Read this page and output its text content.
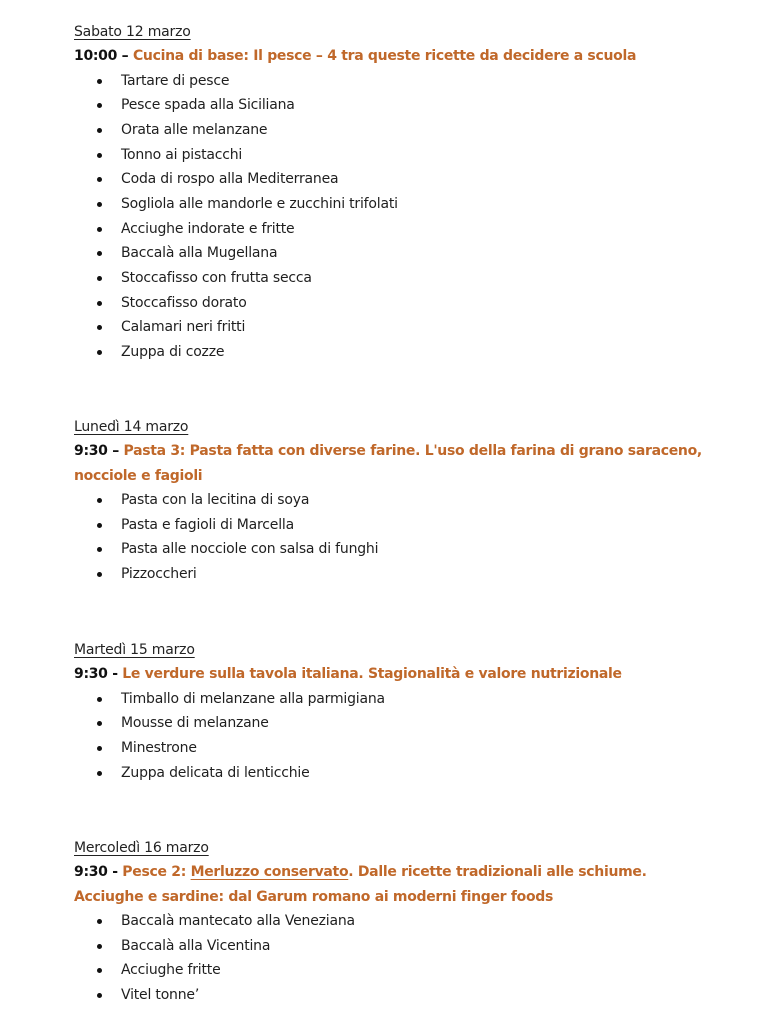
Sabato 12 marzo

10:00 – Cucina di base: Il pesce – 4 tra queste ricette da decidere a scuola

Tartare di pesce
Pesce spada alla Siciliana
Orata alle melanzane
Tonno ai pistacchi
Coda di rospo alla Mediterranea
Sogliola alle mandorle e zucchini trifolati
Acciughe indorate e fritte
Baccalà alla Mugellana
Stoccafisso con frutta secca
Stoccafisso dorato
Calamari neri fritti
Zuppa di cozze
Lunedì 14 marzo

9:30 – Pasta 3: Pasta fatta con diverse farine. L'uso della farina di grano saraceno, nocciole e fagioli

Pasta con la lecitina di soya
Pasta e fagioli di Marcella
Pasta alle nocciole con salsa di funghi
Pizzoccheri
Martedì 15 marzo

9:30 - Le verdure sulla tavola italiana. Stagionalità e valore nutrizionale

Timballo di melanzane alla parmigiana
Mousse di melanzane
Minestrone
Zuppa delicata di lenticchie
Mercoledì 16 marzo

9:30 - Pesce 2: Merluzzo conservato. Dalle ricette tradizionali alle schiume. Acciughe e sardine: dal Garum romano ai moderni finger foods

Baccalà mantecato alla Veneziana
Baccalà alla Vicentina
Acciughe fritte
Vitel tonne’
